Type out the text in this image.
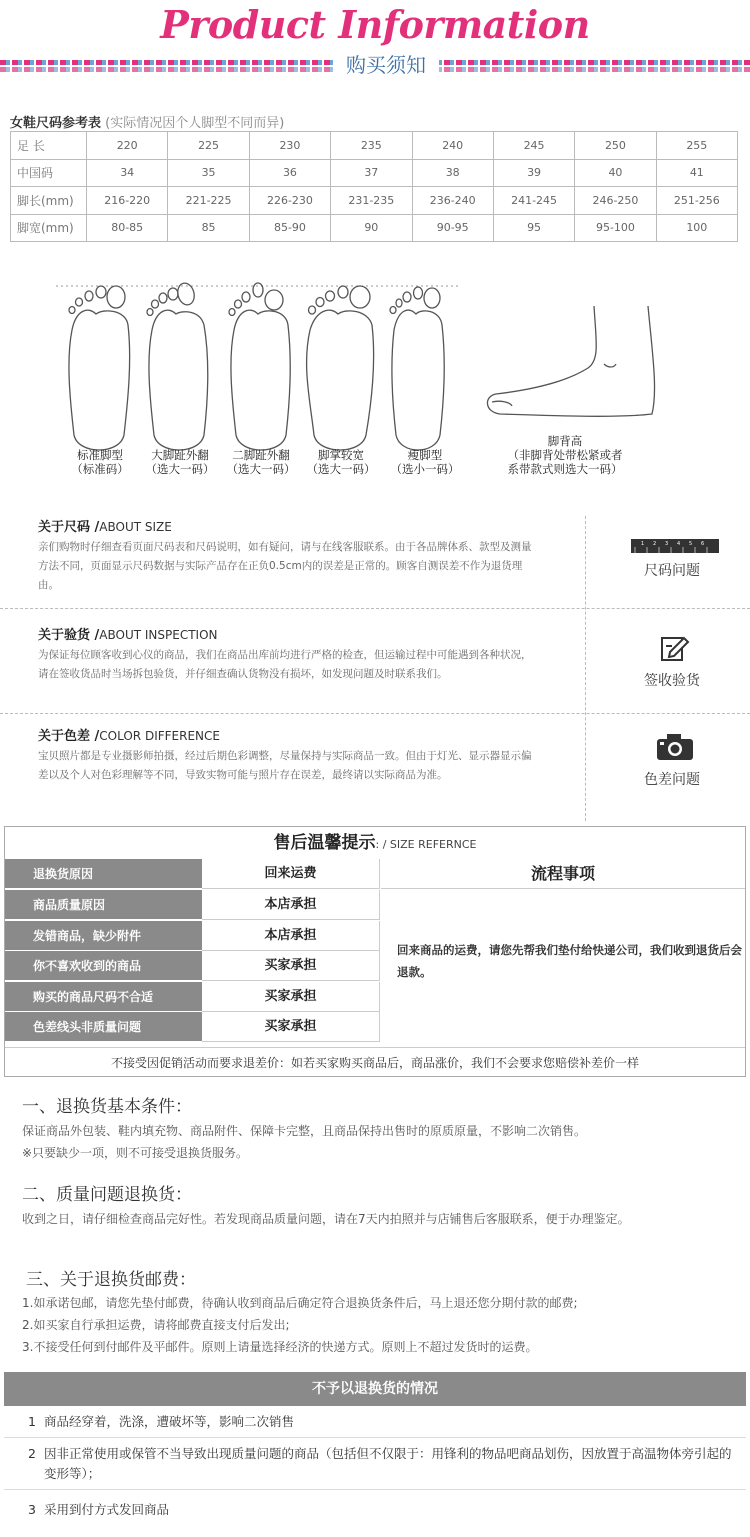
Product Information
购买须知
女鞋尺码参考表 (实际情况因个人脚型不同而异)
足 长	220	225	230	235	240	245	250	255
中国码	34	35	36	37	38	39	40	41
脚长(mm)	216-220	221-225	226-230	231-235	236-240	241-245	246-250	251-256
脚宽(mm)	80-85	85	85-90	90	90-95	95	95-100	100
标准脚型
（标准码）
大脚趾外翻
（选大一码）
二脚趾外翻
（选大一码）
脚掌较宽
（选大一码）
瘦脚型
（选小一码）
脚背高
（非脚背处带松紧或者
系带款式则选大一码）
关于尺码 /ABOUT SIZE
亲们购物时仔细查看页面尺码表和尺码说明，如有疑问，请与在线客服联系。由于各品牌体系、款型及测量方法不同，页面显示尺码数据与实际产品存在正负0.5cm内的误差是正常的。顾客自测误差不作为退货理由。
1 2 3 4 5 6
尺码问题
关于验货 /ABOUT INSPECTION
为保证每位顾客收到心仪的商品，我们在商品出库前均进行严格的检查，但运输过程中可能遇到各种状况，请在签收货品时当场拆包验货，并仔细查确认货物没有损坏，如发现问题及时联系我们。	签收验货
关于色差 /COLOR DIFFERENCE
宝贝照片都是专业摄影师拍摄，经过后期色彩调整，尽量保持与实际商品一致。但由于灯光、显示器显示偏差以及个人对色彩理解等不同，导致实物可能与照片存在误差，最终请以实际商品为准。	色差问题
售后温馨提示: / SIZE REFERNCE
退换货原因	回来运费	流程事项
商品质量原因	本店承担
发错商品，缺少附件	本店承担
你不喜欢收到的商品	买家承担
购买的商品尺码不合适	买家承担
色差线头非质量问题	买家承担
回来商品的运费，请您先帮我们垫付给快递公司，我们收到退货后会退款。
不接受因促销活动而要求退差价：如若买家购买商品后，商品涨价，我们不会要求您赔偿补差价一样
一、退换货基本条件：
保证商品外包装、鞋内填充物、商品附件、保障卡完整，且商品保持出售时的原质原量，不影响二次销售。
※只要缺少一项，则不可接受退换货服务。
二、质量问题退换货：
收到之日，请仔细检查商品完好性。若发现商品质量问题，请在7天内拍照并与店铺售后客服联系，便于办理鉴定。
三、关于退换货邮费：
1.如承诺包邮，请您先垫付邮费，待确认收到商品后确定符合退换货条件后，马上退还您分期付款的邮费;
2.如买家自行承担运费，请将邮费直接支付后发出;
3.不接受任何到付邮件及平邮件。原则上请量选择经济的快递方式。原则上不超过发货时的运费。
不予以退换货的情况
1 商品经穿着，洗涤，遭破坏等，影响二次销售
2 因非正常使用或保管不当导致出现质量问题的商品（包括但不仅限于：用锋利的物品吧商品划伤，因放置于高温物体旁引起的变形等）；
3 采用到付方式发回商品
